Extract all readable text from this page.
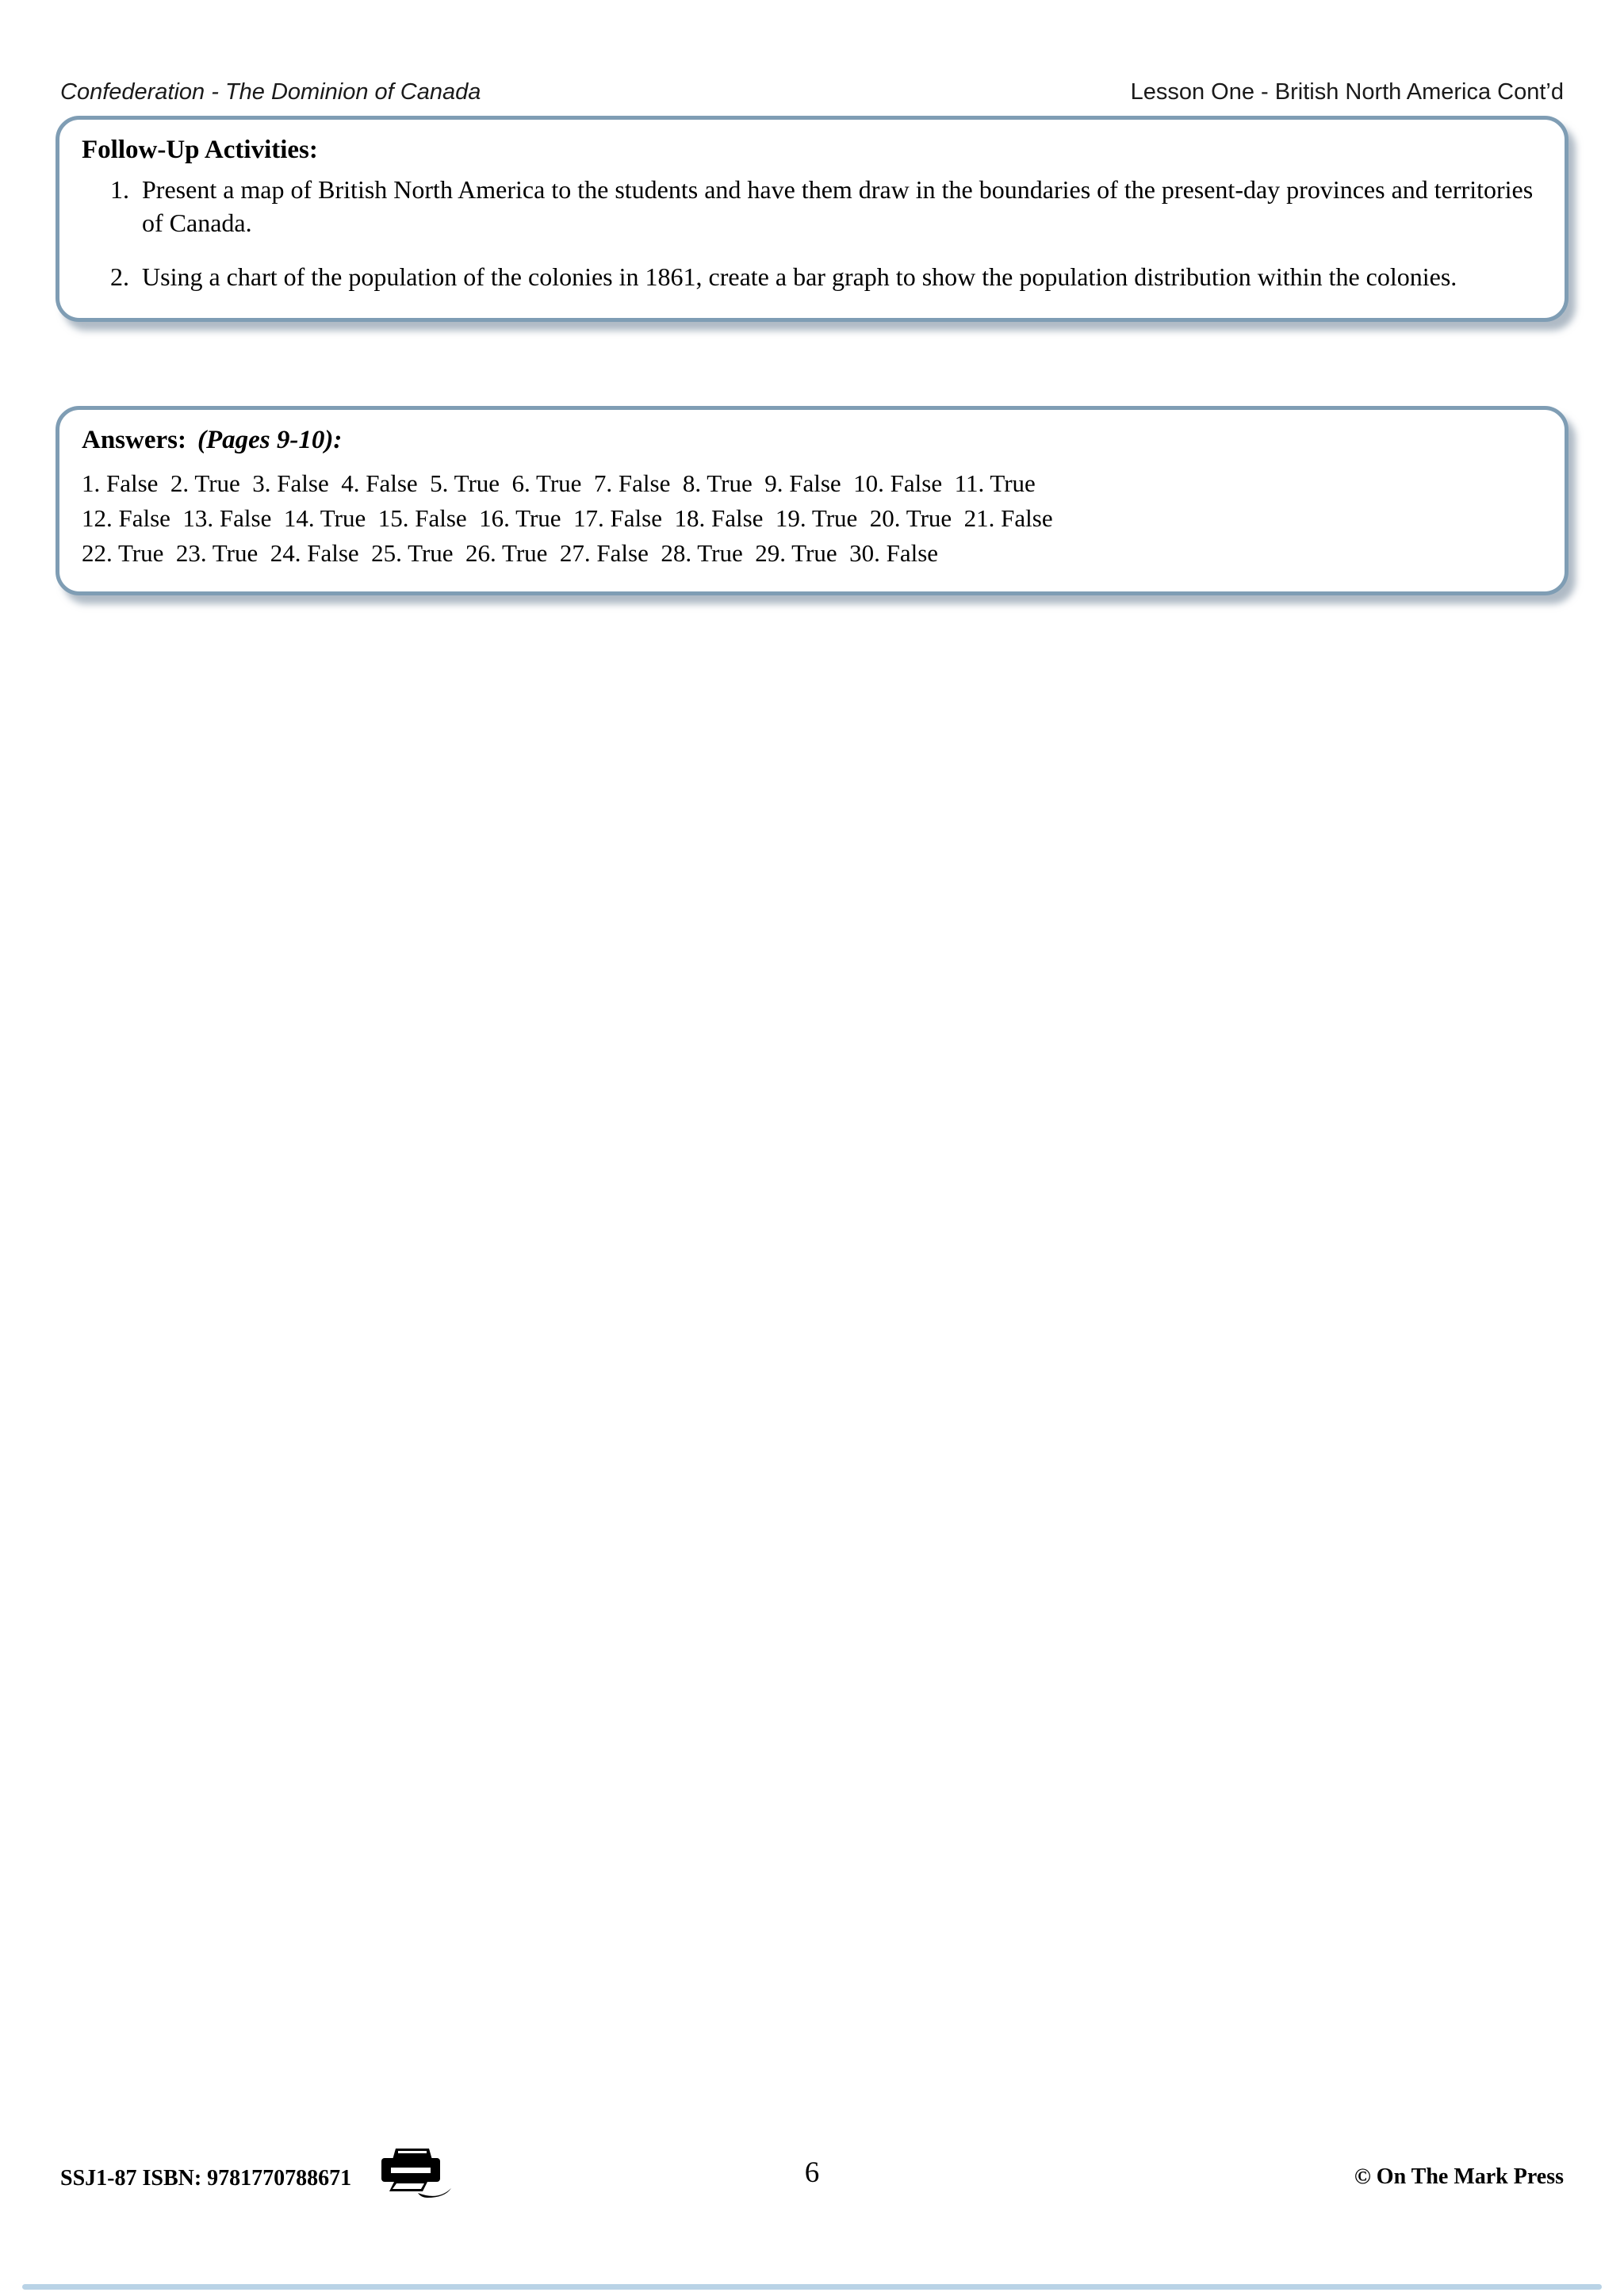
Confederation - The Dominion of Canada	Lesson One - British North America Cont’d
Follow-Up Activities:
1. Present a map of British North America to the students and have them draw in the boundaries of the present-day provinces and territories of Canada.
2. Using a chart of the population of the colonies in 1861, create a bar graph to show the population distribution within the colonies.
Answers: (Pages 9-10):
1. False  2. True  3. False  4. False  5. True  6. True  7. False  8. True  9. False  10. False  11. True
12. False  13. False  14. True  15. False  16. True  17. False  18. False  19. True  20. True  21. False
22. True  23. True  24. False  25. True  26. True  27. False  28. True  29. True  30. False
SSJ1-87 ISBN: 9781770788671	6	© On The Mark Press
